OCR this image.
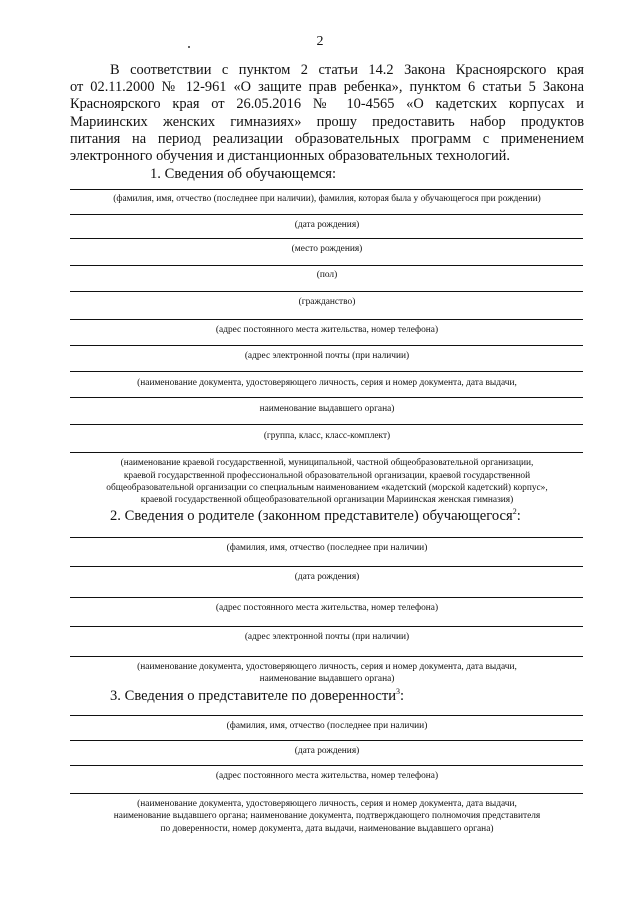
2
В соответствии с пунктом 2 статьи 14.2 Закона Красноярского края
от 02.11.2000 № 12-961 «О защите прав ребенка», пунктом 6 статьи 5 Закона
Красноярского края от 26.05.2016 № 10-4565 «О кадетских корпусах и
Мариинских женских гимназиях» прошу предоставить набор продуктов
питания на период реализации образовательных программ с применением
электронного обучения и дистанционных образовательных технологий.
1. Сведения об обучающемся:
(фамилия, имя, отчество (последнее при наличии), фамилия, которая была у обучающегося при рождении)
(дата рождения)
(место рождения)
(пол)
(гражданство)
(адрес постоянного места жительства, номер телефона)
(адрес электронной почты (при наличии)
(наименование документа, удостоверяющего личность, серия и номер документа, дата выдачи,
наименование выдавшего органа)
(группа, класс, класс-комплект)
(наименование краевой государственной, муниципальной, частной общеобразовательной организации,
краевой государственной профессиональной образовательной организации, краевой государственной
общеобразовательной организации со специальным наименованием «кадетский (морской кадетский) корпус»,
краевой государственной общеобразовательной организации Мариинская женская гимназия)
2. Сведения о родителе (законном представителе) обучающегося$^2$:
(фамилия, имя, отчество (последнее при наличии)
(дата рождения)
(адрес постоянного места жительства, номер телефона)
(адрес электронной почты (при наличии)
(наименование документа, удостоверяющего личность, серия и номер документа, дата выдачи,
наименование выдавшего органа)
3. Сведения о представителе по доверенности$^3$:
(фамилия, имя, отчество (последнее при наличии)
(дата рождения)
(адрес постоянного места жительства, номер телефона)
(наименование документа, удостоверяющего личность, серия и номер документа, дата выдачи,
наименование выдавшего органа; наименование документа, подтверждающего полномочия представителя
по доверенности, номер документа, дата выдачи, наименование выдавшего органа)
